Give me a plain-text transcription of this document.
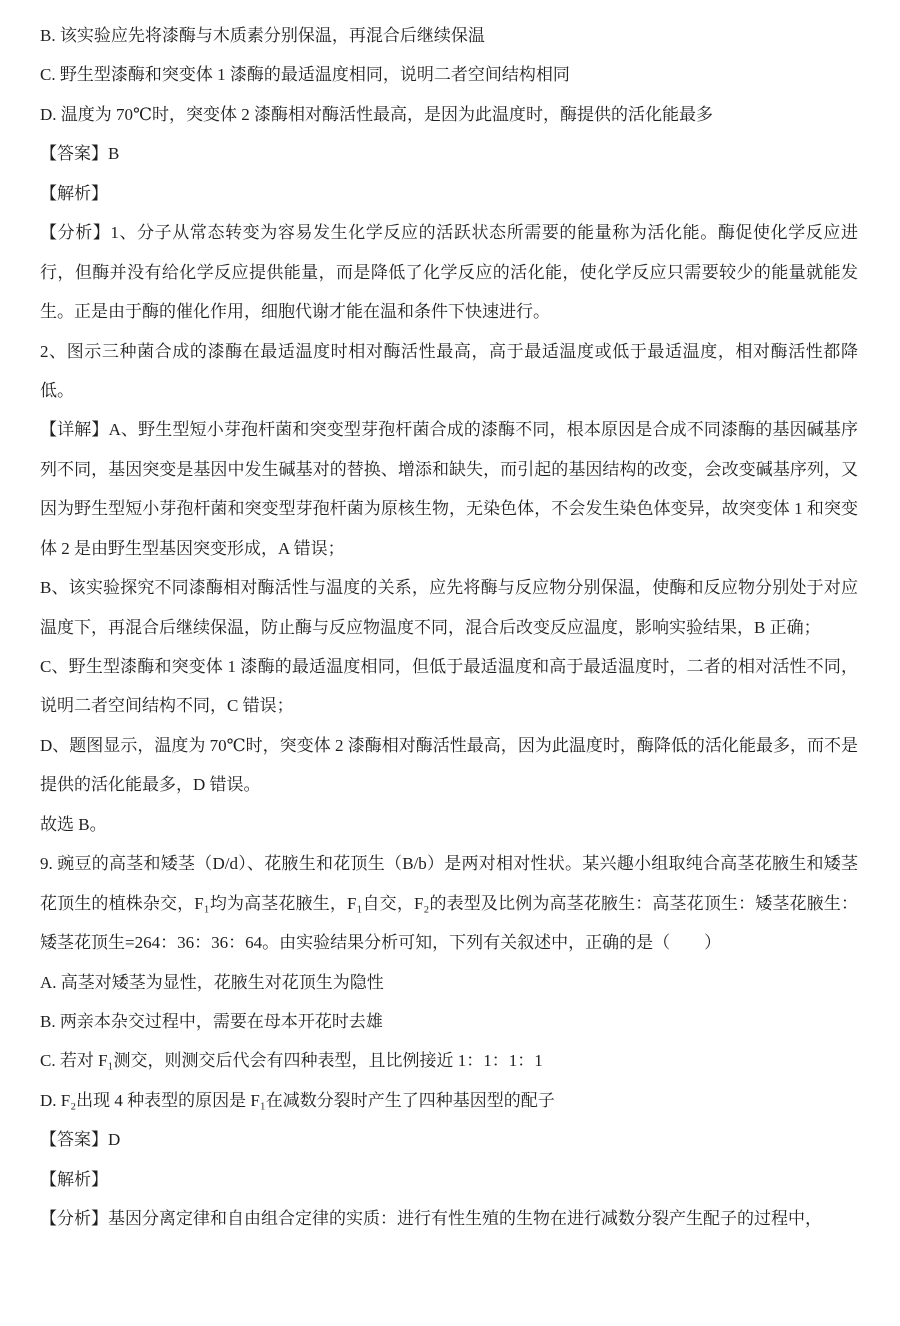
B. 该实验应先将漆酶与木质素分别保温，再混合后继续保温

C. 野生型漆酶和突变体 1 漆酶的最适温度相同，说明二者空间结构相同

D. 温度为 70℃时，突变体 2 漆酶相对酶活性最高，是因为此温度时，酶提供的活化能最多

【答案】B

【解析】

【分析】1、分子从常态转变为容易发生化学反应的活跃状态所需要的能量称为活化能。酶促使化学反应进行，但酶并没有给化学反应提供能量，而是降低了化学反应的活化能，使化学反应只需要较少的能量就能发生。正是由于酶的催化作用，细胞代谢才能在温和条件下快速进行。

2、图示三种菌合成的漆酶在最适温度时相对酶活性最高，高于最适温度或低于最适温度，相对酶活性都降低。

【详解】A、野生型短小芽孢杆菌和突变型芽孢杆菌合成的漆酶不同，根本原因是合成不同漆酶的基因碱基序列不同，基因突变是基因中发生碱基对的替换、增添和缺失，而引起的基因结构的改变，会改变碱基序列，又因为野生型短小芽孢杆菌和突变型芽孢杆菌为原核生物，无染色体，不会发生染色体变异，故突变体 1 和突变体 2 是由野生型基因突变形成，A 错误；

B、该实验探究不同漆酶相对酶活性与温度的关系，应先将酶与反应物分别保温，使酶和反应物分别处于对应温度下，再混合后继续保温，防止酶与反应物温度不同，混合后改变反应温度，影响实验结果，B 正确；

C、野生型漆酶和突变体 1 漆酶的最适温度相同，但低于最适温度和高于最适温度时，二者的相对活性不同，说明二者空间结构不同，C 错误；

D、题图显示，温度为 70℃时，突变体 2 漆酶相对酶活性最高，因为此温度时，酶降低的活化能最多，而不是提供的活化能最多，D 错误。

故选 B。

9. 豌豆的高茎和矮茎（D/d）、花腋生和花顶生（B/b）是两对相对性状。某兴趣小组取纯合高茎花腋生和矮茎花顶生的植株杂交，F₁均为高茎花腋生，F₁自交，F₂的表型及比例为高茎花腋生：高茎花顶生：矮茎花腋生：矮茎花顶生=264：36：36：64。由实验结果分析可知，下列有关叙述中，正确的是（　　）

A. 高茎对矮茎为显性，花腋生对花顶生为隐性

B. 两亲本杂交过程中，需要在母本开花时去雄

C. 若对 F₁测交，则测交后代会有四种表型，且比例接近 1：1：1：1

D. F₂出现 4 种表型的原因是 F₁在减数分裂时产生了四种基因型的配子

【答案】D

【解析】

【分析】基因分离定律和自由组合定律的实质：进行有性生殖的生物在进行减数分裂产生配子的过程中，
